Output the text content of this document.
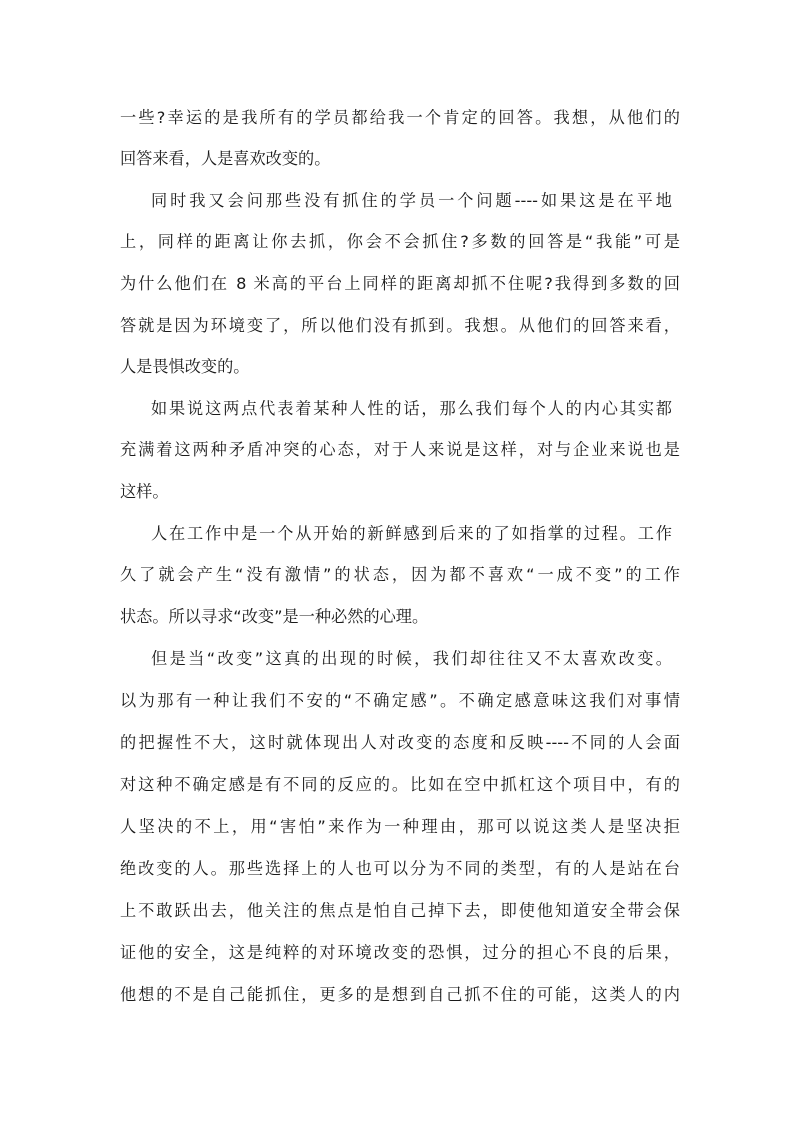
一些?幸运的是我所有的学员都给我一个肯定的回答。我想，从他们的

回答来看，人是喜欢改变的。

同时我又会问那些没有抓住的学员一个问题----如果这是在平地

上，同样的距离让你去抓，你会不会抓住?多数的回答是“我能”可是

为什么他们在 8 米高的平台上同样的距离却抓不住呢?我得到多数的回

答就是因为环境变了，所以他们没有抓到。我想。从他们的回答来看，

人是畏惧改变的。

如果说这两点代表着某种人性的话，那么我们每个人的内心其实都

充满着这两种矛盾冲突的心态，对于人来说是这样，对与企业来说也是

这样。

人在工作中是一个从开始的新鲜感到后来的了如指掌的过程。工作

久了就会产生“没有激情”的状态，因为都不喜欢“一成不变”的工作

状态。所以寻求“改变”是一种必然的心理。

但是当“改变”这真的出现的时候，我们却往往又不太喜欢改变。

以为那有一种让我们不安的“不确定感”。不确定感意味这我们对事情

的把握性不大，这时就体现出人对改变的态度和反映----不同的人会面

对这种不确定感是有不同的反应的。比如在空中抓杠这个项目中，有的

人坚决的不上，用“害怕”来作为一种理由，那可以说这类人是坚决拒

绝改变的人。那些选择上的人也可以分为不同的类型，有的人是站在台

上不敢跃出去，他关注的焦点是怕自己掉下去，即使他知道安全带会保

证他的安全，这是纯粹的对环境改变的恐惧，过分的担心不良的后果，

他想的不是自己能抓住，更多的是想到自己抓不住的可能，这类人的内
